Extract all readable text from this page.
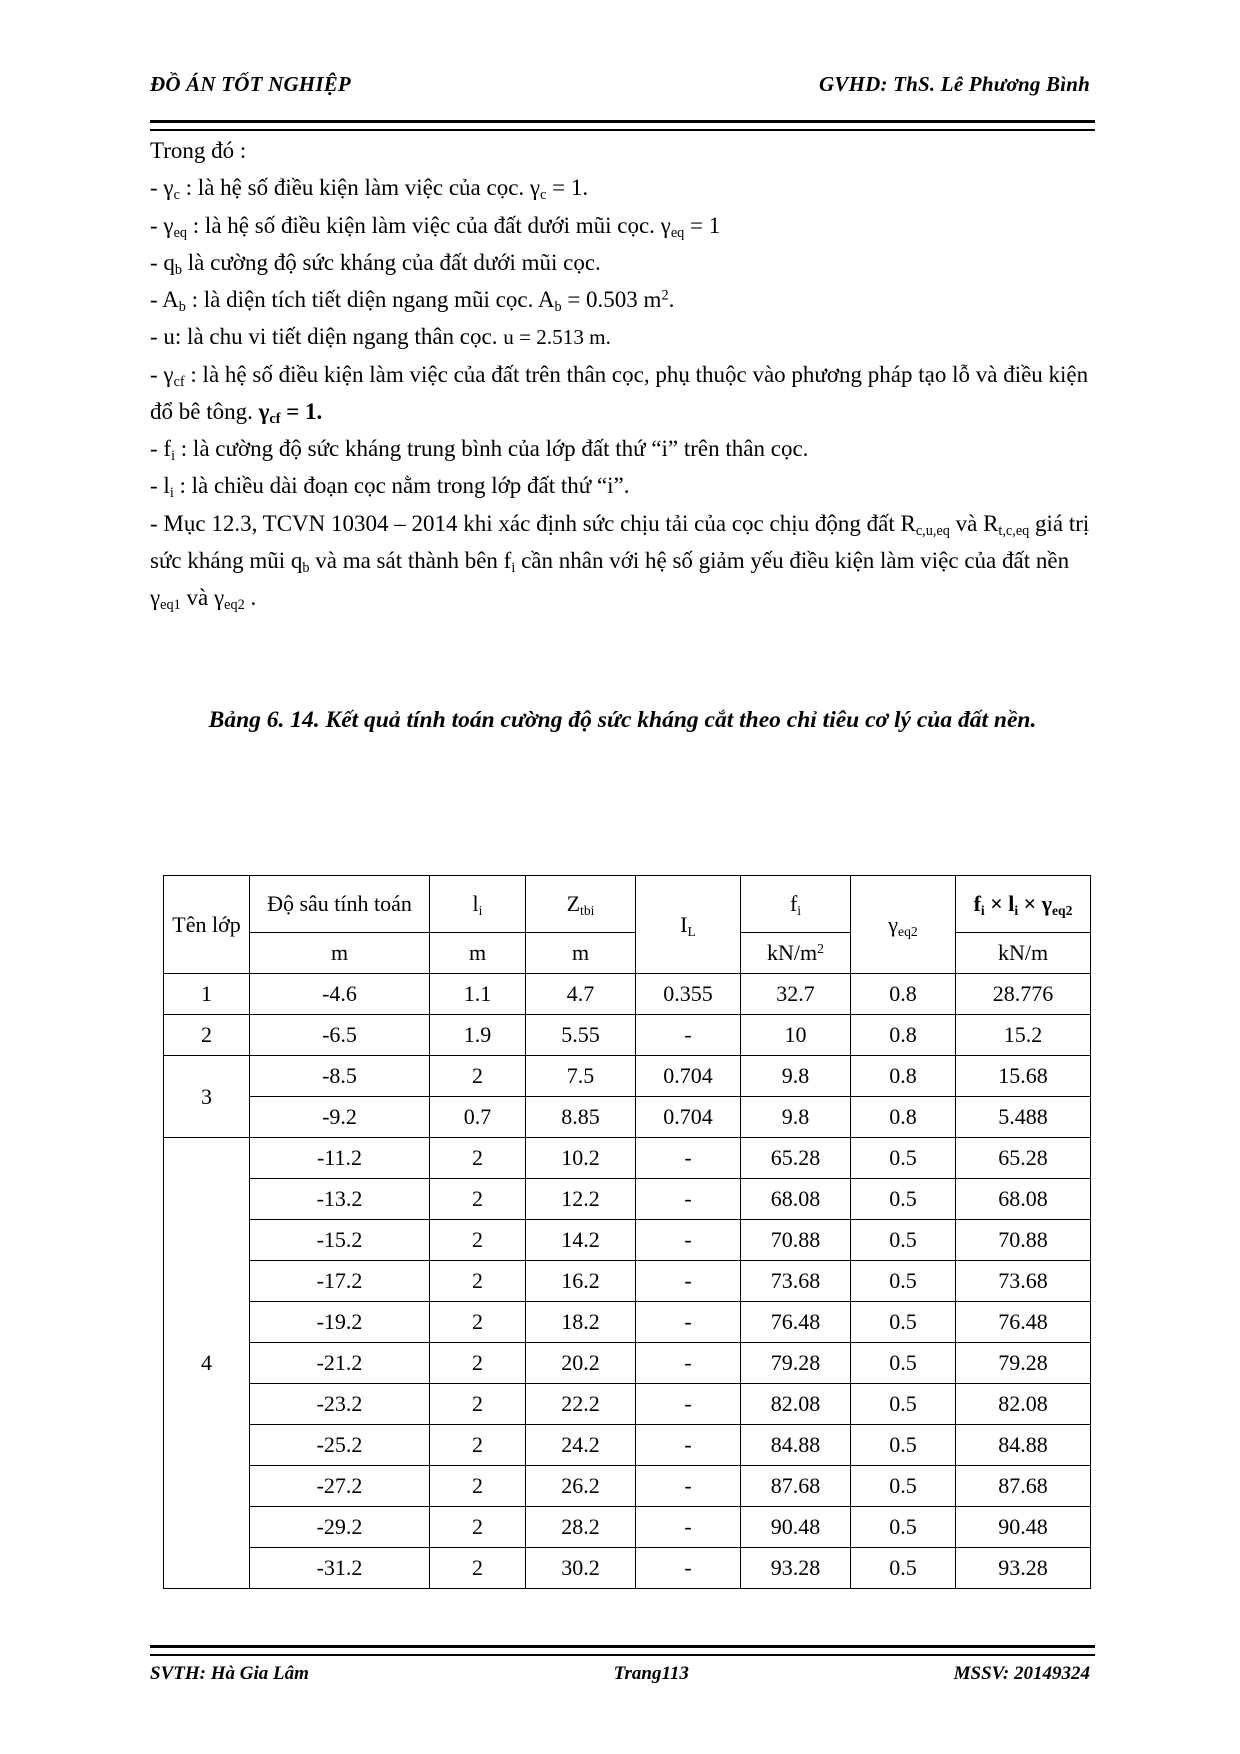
ĐỒ ÁN TỐT NGHIỆP	GVHD: ThS. Lê Phương Bình

Trong đó :

- $\gamma_c$ : là hệ số điều kiện làm việc của cọc. $\gamma_c = 1$.

- $\gamma_{eq}$ : là hệ số điều kiện làm việc của đất dưới mũi cọc. $\gamma_{eq} = 1$

- $q_b$ là cường độ sức kháng của đất dưới mũi cọc.

- $A_b$ : là diện tích tiết diện ngang mũi cọc. $A_b = 0.503$ $m^2$.

- u: là chu vi tiết diện ngang thân cọc. u = 2.513 m.

- $\gamma_{cf}$ : là hệ số điều kiện làm việc của đất trên thân cọc, phụ thuộc vào phương pháp tạo lỗ và điều kiện đổ bê tông. $\gamma_{cf} = 1$.

- $f_i$ : là cường độ sức kháng trung bình của lớp đất thứ “i” trên thân cọc.

- $l_i$ : là chiều dài đoạn cọc nằm trong lớp đất thứ “i”.

- Mục 12.3, TCVN 10304 – 2014 khi xác định sức chịu tải của cọc chịu động đất $R_{c,u,eq}$ và $R_{t,c,eq}$ giá trị sức kháng mũi $q_b$ và ma sát thành bên $f_i$ cần nhân với hệ số giảm yếu điều kiện làm việc của đất nền $\gamma_{eq1}$ và $\gamma_{eq2}$ .

Bảng 6. 14. Kết quả tính toán cường độ sức kháng cắt theo chỉ tiêu cơ lý của đất nền.
Tên lớp	Độ sâu tính toán	$l_i$	$Z_{tbi}$	$I_L$	$f_i$	$\gamma_{eq2}$	$f_i \times l_i \times \gamma_{eq2}$
	m	m	m		$kN/m^2$		kN/m
1	-4.6	1.1	4.7	0.355	32.7	0.8	28.776
2	-6.5	1.9	5.55	-	10	0.8	15.2
3	-8.5	2	7.5	0.704	9.8	0.8	15.68
	-9.2	0.7	8.85	0.704	9.8	0.8	5.488
4	-11.2	2	10.2	-	65.28	0.5	65.28
	-13.2	2	12.2	-	68.08	0.5	68.08
	-15.2	2	14.2	-	70.88	0.5	70.88
	-17.2	2	16.2	-	73.68	0.5	73.68
	-19.2	2	18.2	-	76.48	0.5	76.48
	-21.2	2	20.2	-	79.28	0.5	79.28
	-23.2	2	22.2	-	82.08	0.5	82.08
	-25.2	2	24.2	-	84.88	0.5	84.88
	-27.2	2	26.2	-	87.68	0.5	87.68
	-29.2	2	28.2	-	90.48	0.5	90.48
	-31.2	2	30.2	-	93.28	0.5	93.28
SVTH: Hà Gia Lâm	Trang113	MSSV: 20149324
